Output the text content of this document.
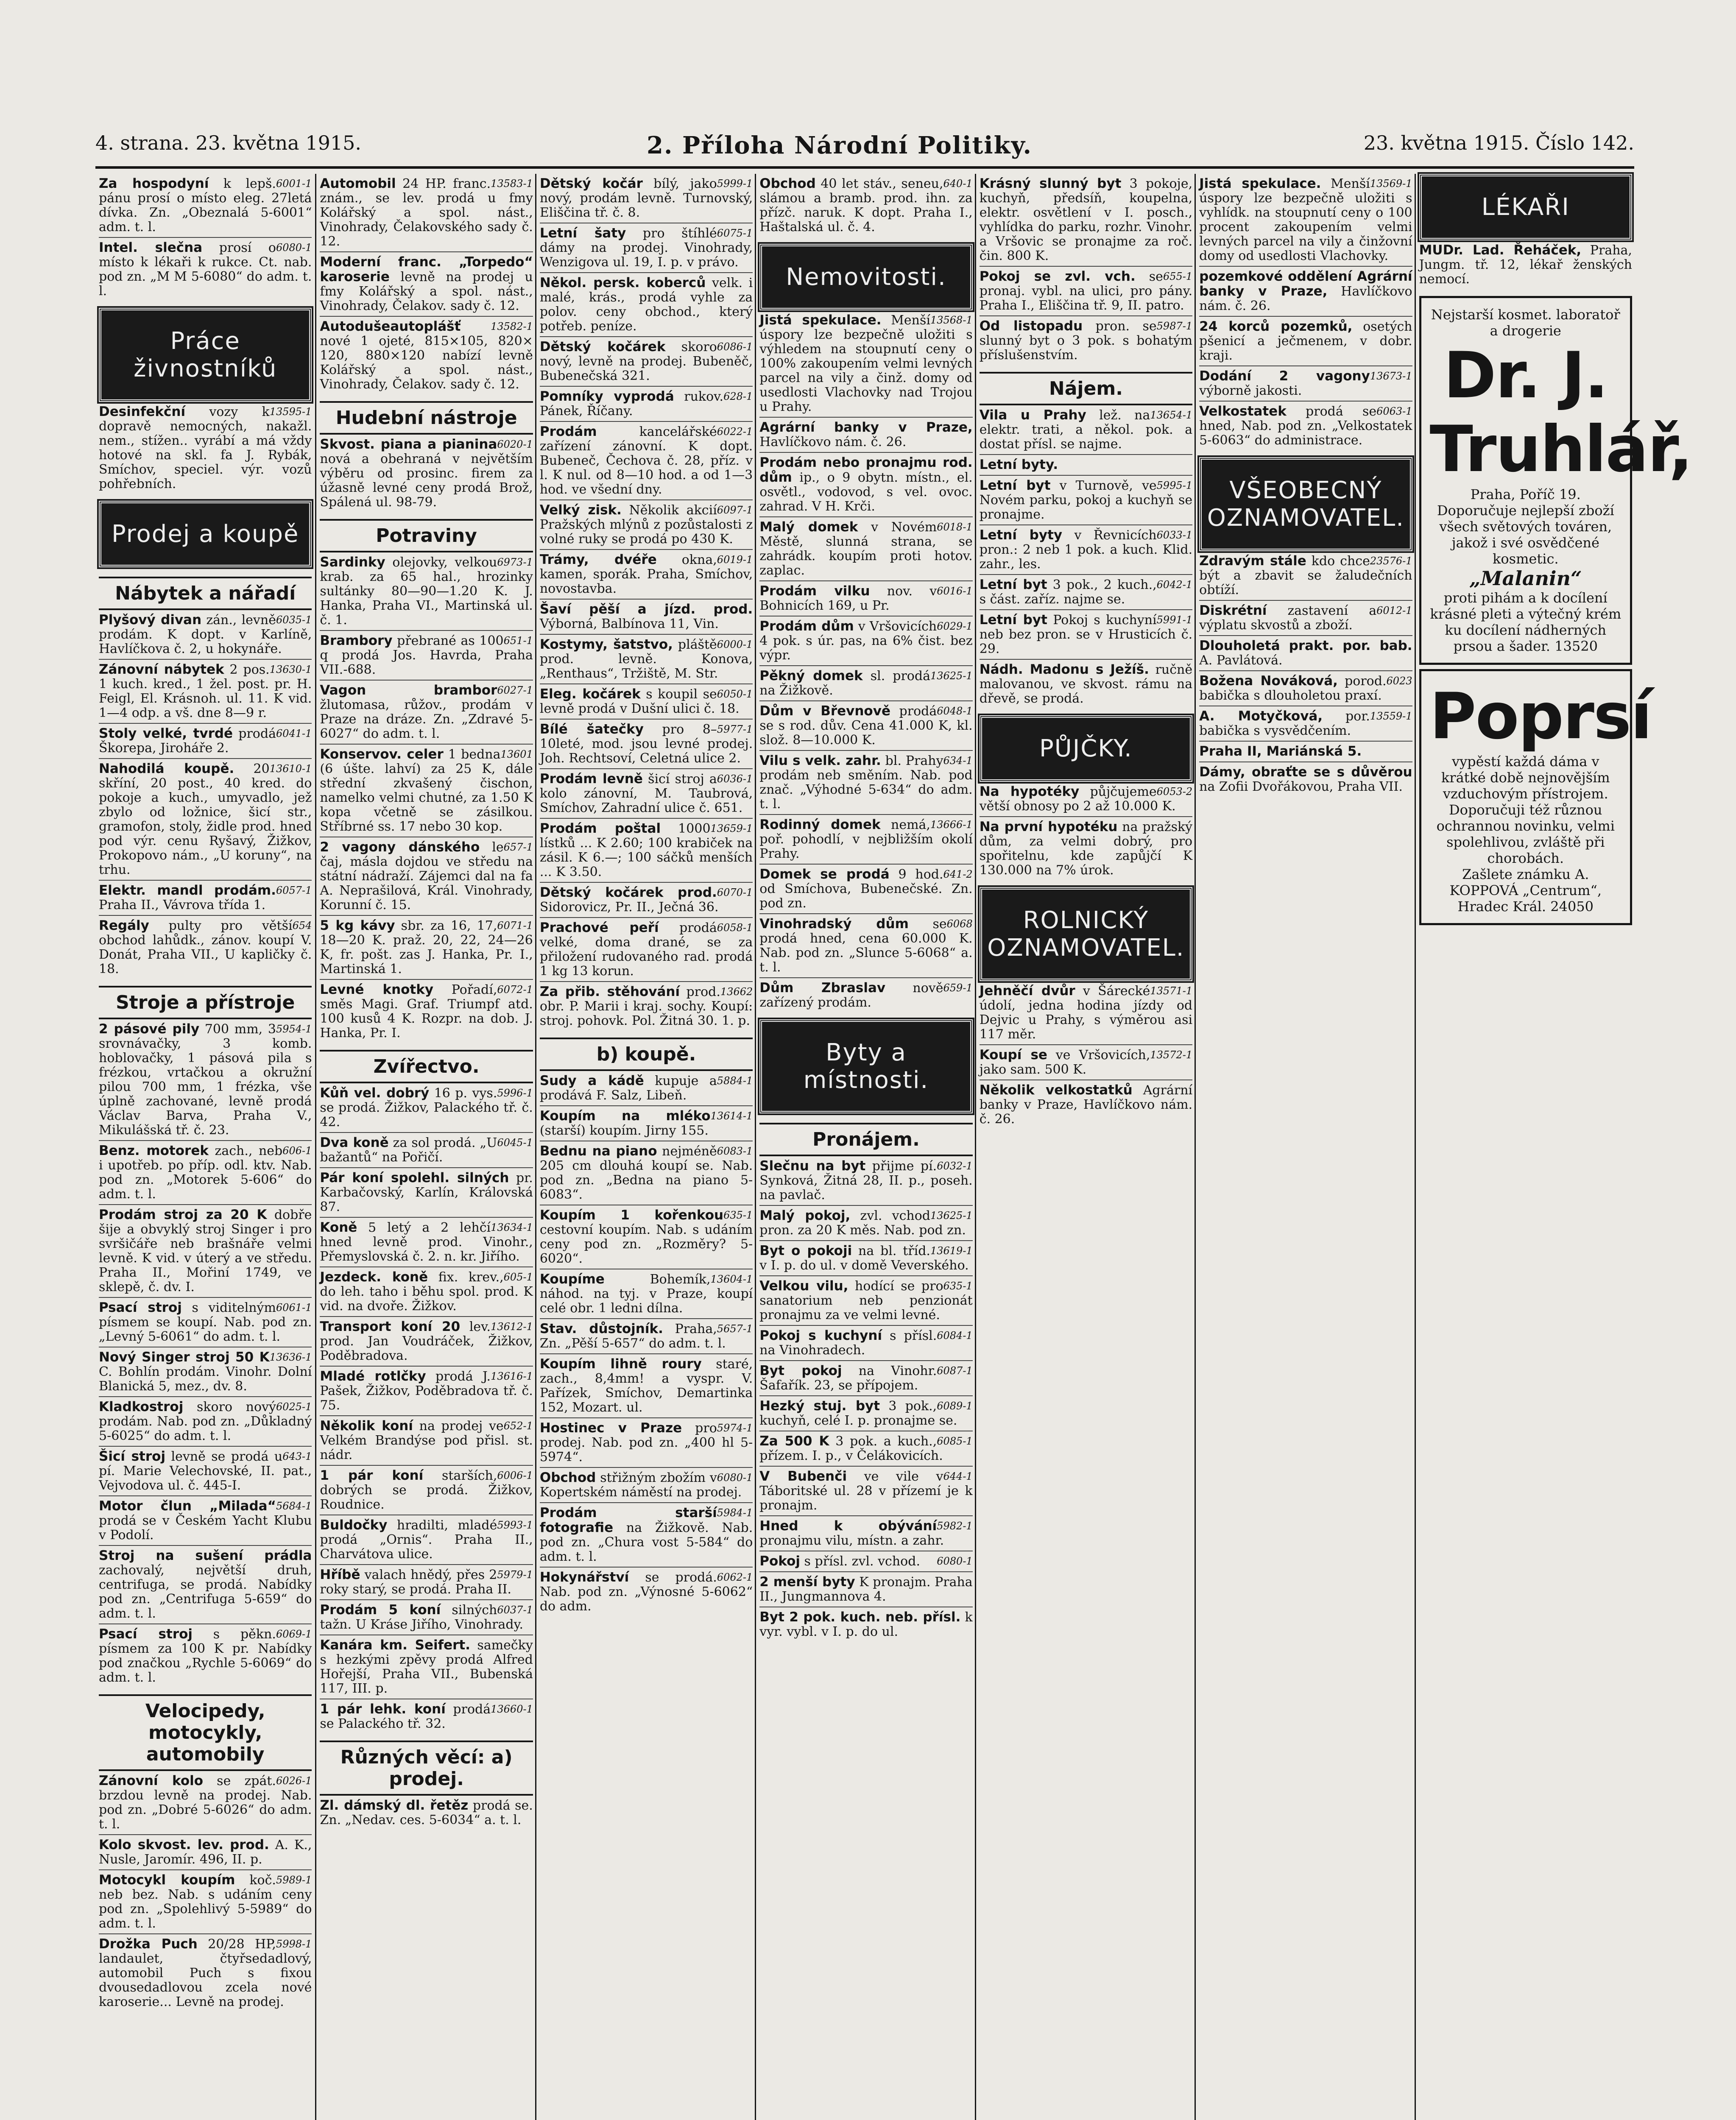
4. strana. 23. května 1915.	2. Příloha Národní Politiky.	23. května 1915. Číslo 142.
6001-1
Za hospodyní k lepš. pánu prosí o místo eleg. 27letá dívka. Zn. „Obeznalá 5-6001“ adm. t. l.
6080-1
Intel. slečna prosí o místo k lékaři k rukce. Ct. nab. pod zn. „M M 5-6080“ do adm. t. l.
Práce živnostníků
13595-1
Desinfekční vozy k dopravě nemocných, nakažl. nem., stížen.. vyrábí a má vždy hotové na skl. fa J. Rybák, Smíchov, speciel. výr. vozů pohřebních.
Prodej a koupě
Nábytek a nářadí
6035-1
Plyšový divan zán., levně prodám. K dopt. v Karlíně, Havlíčkova č. 2, u hokynáře.
13630-1
Zánovní nábytek 2 pos. 1 kuch. kred., 1 žel. post. pr. H. Feigl, El. Krásnoh. ul. 11. K vid. 1—4 odp. a vš. dne 8—9 r.
6041-1
Stoly velké, tvrdé prodá Škorepa, Jiroháře 2.
13610-1
Nahodilá koupě. 20 skříní, 20 post., 40 kred. do pokoje a kuch., umyvadlo, jež zbylo od ložnice, šicí str., gramofon, stoly, židle prod. hned pod výr. cenu Ryšavý, Žižkov, Prokopovo nám., „U koruny“, na trhu.
6057-1
Elektr. mandl prodám. Praha II., Vávrova třída 1.
654
Regály pulty pro větší obchod lahůdk., zánov. koupí V. Donát, Praha VII., U kapličky č. 18.
Stroje a přístroje
5954-1
2 pásové pily 700 mm, 3 srovnávačky, 3 komb. hoblovačky, 1 pásová pila s frézkou, vrtačkou a okružní pilou 700 mm, 1 frézka, vše úplně zachované, levně prodá Václav Barva, Praha V., Mikulášská tř. č. 23.
606-1
Benz. motorek zach., neb i upotřeb. po příp. odl. ktv. Nab. pod zn. „Motorek 5-606“ do adm. t. l.
Prodám stroj za 20 K dobře šije a obvyklý stroj Singer i pro svršičáře neb brašnáře velmi levně. K vid. v úterý a ve středu. Praha II., Mořiní 1749, ve sklepě, č. dv. I.
6061-1
Psací stroj s viditelným písmem se koupí. Nab. pod zn. „Levný 5-6061“ do adm. t. l.
13636-1
Nový Singer stroj 50 K C. Bohlín prodám. Vinohr. Dolní Blanická 5, mez., dv. 8.
6025-1
Kladkostroj skoro nový prodám. Nab. pod zn. „Důkladný 5-6025“ do adm. t. l.
643-1
Šicí stroj levně se prodá u pí. Marie Velechovské, II. pat., Vejvodova ul. č. 445-I.
5684-1
Motor člun „Milada“ prodá se v Českém Yacht Klubu v Podolí.
Stroj na sušení prádla zachovalý, největší druh, centrifuga, se prodá. Nabídky pod zn. „Centrifuga 5-659“ do adm. t. l.
6069-1
Psací stroj s pěkn. písmem za 100 K pr. Nabídky pod značkou „Rychle 5-6069“ do adm. t. l.
Velocipedy, motocykly, automobily
6026-1
Zánovní kolo se zpát. brzdou levně na prodej. Nab. pod zn. „Dobré 5-6026“ do adm. t. l.
Kolo skvost. lev. prod. A. K., Nusle, Jaromír. 496, II. p.
5989-1
Motocykl koupím koč. neb bez. Nab. s udáním ceny pod zn. „Spolehlivý 5-5989“ do adm. t. l.
5998-1
Drožka Puch 20/28 HP, landaulet, čtyřsedadlový, automobil Puch s fixou dvousedadlovou zcela nové karoserie... Levně na prodej.
13583-1
Automobil 24 HP. franc. znám., se lev. prodá u fmy Kolářský a spol. nást., Vinohrady, Čelakovského sady č. 12.
Moderní franc. „Torpedo“ karoserie levně na prodej u fmy Kolářský a spol. nást., Vinohrady, Čelakov. sady č. 12.
13582-1
Autodušeautoplášť nové 1 ojeté, 815×105, 820× 120, 880×120 nabízí levně Kolářský a spol. nást., Vinohrady, Čelakov. sady č. 12.
Hudební nástroje
6020-1
Skvost. piana a pianina nová a obehraná v největším výběru od prosinc. firem za úžasně levné ceny prodá Brož, Spálená ul. 98-79.
Potraviny
6973-1
Sardinky olejovky, velkou krab. za 65 hal., hrozinky sultánky 80—90—1.20 K. J. Hanka, Praha VI., Martinská ul. č. 1.
651-1
Brambory přebrané as 100 q prodá Jos. Havrda, Praha VII.-688.
6027-1
Vagon brambor žlutomasa, růžov., prodám v Praze na dráze. Zn. „Zdravé 5-6027“ do adm. t. l.
13601
Konservov. celer 1 bedna (6 úšte. lahví) za 25 K, dále střední zkvašený čischon, namelko velmi chutné, za 1.50 K kopa včetně se zásilkou. Stříbrné ss. 17 nebo 30 kop.
657-1
2 vagony dánského le čaj, másla dojdou ve středu na státní nádraží. Zájemci dal na fa A. Neprašilová, Král. Vinohrady, Korunní č. 15.
6071-1
5 kg kávy sbr. za 16, 17, 18—20 K. praž. 20, 22, 24—26 K, fr. pošt. zas J. Hanka, Pr. I., Martinská 1.
6072-1
Levné knotky Pořadí, směs Magi. Graf. Triumpf atd. 100 kusů 4 K. Rozpr. na dob. J. Hanka, Pr. I.
Zvířectvo.
5996-1
Kůň vel. dobrý 16 p. vys. se prodá. Žižkov, Palackého tř. č. 42.
6045-1
Dva koně za sol prodá. „U bažantů“ na Pořičí.
Pár koní spolehl. silných pr. Karbačovský, Karlín, Královská 87.
13634-1
Koně 5 letý a 2 lehčí hned levně prod. Vinohr., Přemyslovská č. 2. n. kr. Jiřího.
605-1
Jezdeck. koně fix. krev., do leh. taho i běhu spol. prod. K vid. na dvoře. Žižkov.
13612-1
Transport koní 20 lev. prod. Jan Voudráček, Žižkov, Poděbradova.
13616-1
Mladé rotlčky prodá J. Pašek, Žižkov, Poděbradova tř. č. 75.
652-1
Několik koní na prodej ve Velkém Brandýse pod přisl. st. nádr.
6006-1
1 pár koní starších, dobrých se prodá. Žižkov, Roudnice.
5993-1
Buldočky hradilti, mladé prodá „Ornis“. Praha II., Charvátova ulice.
5979-1
Hříbě valach hnědý, přes 2 roky starý, se prodá. Praha II.
6037-1
Prodám 5 koní silných tažn. U Kráse Jiřího, Vinohrady.
Kanára km. Seifert. samečky s hezkými zpěvy prodá Alfred Hořejší, Praha VII., Bubenská 117, III. p.
13660-1
1 pár lehk. koní prodá se Palackého tř. 32.
Různých věcí: a) prodej.
Zl. dámský dl. řetěz prodá se. Zn. „Nedav. ces. 5-6034“ a. t. l.
5999-1
Dětský kočár bílý, jako nový, prodám levně. Turnovský, Eliščina tř. č. 8.
6075-1
Letní šaty pro štíhlé dámy na prodej. Vinohrady, Wenzigova ul. 19, I. p. v právo.
Někol. persk. koberců velk. i malé, krás., prodá vyhle za polov. ceny obchod., který potřeb. peníze.
6086-1
Dětský kočárek skoro nový, levně na prodej. Bubeněč, Bubenečská 321.
628-1
Pomníky vyprodá rukov. Pánek, Říčany.
6022-1
Prodám kancelářské zařízení zánovní. K dopt. Bubeneč, Čechova č. 28, příz. v l. K nul. od 8—10 hod. a od 1—3 hod. ve všední dny.
6097-1
Velký zisk. Několik akcií Pražských mlýnů z pozůstalosti z volné ruky se prodá po 430 K.
6019-1
Trámy, dvéře okna, kamen, sporák. Praha, Smíchov, novostavba.
Šaví pěší a jízd. prod. Výborná, Balbínova 11, Vin.
6000-1
Kostymy, šatstvo, pláště prod. levně. Konova, „Renthaus“, Tržiště, M. Str.
6050-1
Eleg. kočárek s koupil se levně prodá v Dušní ulici č. 18.
5977-1
Bílé šatečky pro 8–10leté, mod. jsou levné prodej. Joh. Rechtsoví, Celetná ulice 2.
6036-1
Prodám levně šicí stroj a kolo zánovní, M. Taubrová, Smíchov, Zahradní ulice č. 651.
13659-1
Prodám poštal 1000 lístků ... K 2.60; 100 krabiček na zásil. K 6.—; 100 sáčků menších ... K 3.50.
6070-1
Dětský kočárek prod. Sidorovicz, Pr. II., Ječná 36.
6058-1
Prachové peří prodá velké, doma drané, se za přiložení rudovaného rad. prodá 1 kg 13 korun.
13662
Za přib. stěhování prod. obr. P. Marii i kraj. sochy. Koupí: stroj. pohovk. Pol. Žitná 30. 1. p.
b) koupě.
5884-1
Sudy a kádě kupuje a prodává F. Salz, Libeň.
13614-1
Koupím na mléko (starší) koupím. Jirny 155.
6083-1
Bednu na piano nejméně 205 cm dlouhá koupí se. Nab. pod zn. „Bedna na piano 5-6083“.
635-1
Koupím 1 kořenkou cestovní koupím. Nab. s udáním ceny pod zn. „Rozměry? 5-6020“.
13604-1
Koupíme Bohemík, náhod. na tyj. v Praze, koupí celé obr. 1 ledni dílna.
5657-1
Stav. důstojník. Praha, Zn. „Pěší 5-657“ do adm. t. l.
Koupím lihně roury staré, zach., 8,4mm! a vyspr. V. Pařízek, Smíchov, Demartinka 152, Mozart. ul.
5974-1
Hostinec v Praze pro prodej. Nab. pod zn. „400 hl 5-5974“.
6080-1
Obchod střižným zbožím v Kopertském náměstí na prodej.
5984-1
Prodám starší fotografie na Žižkově. Nab. pod zn. „Chura vost 5-584“ do adm. t. l.
6062-1
Hokynářství se prodá. Nab. pod zn. „Výnosné 5-6062“ do adm.
640-1
Obchod 40 let stáv., seneu, slámou a bramb. prod. ihn. za přízč. naruk. K dopt. Praha I., Haštalská ul. č. 4.
Nemovitosti.
13568-1
Jistá spekulace. Menší úspory lze bezpečně uložiti s výhledem na stoupnutí ceny o 100% zakoupením velmi levných parcel na vily a činž. domy od usedlosti Vlachovky nad Trojou u Prahy.
Agrární banky v Praze, Havlíčkovo nám. č. 26.
Prodám nebo pronajmu rod. dům ip., o 9 obytn. místn., el. osvětl., vodovod, s vel. ovoc. zahrad. V H. Krči.
6018-1
Malý domek v Novém Městě, slunná strana, se zahrádk. koupím proti hotov. zaplac.
6016-1
Prodám vilku nov. v Bohnicích 169, u Pr.
6029-1
Prodám dům v Vršovicích 4 pok. s úr. pas, na 6% čist. bez výpr.
13625-1
Pěkný domek sl. prodá na Žižkově.
6048-1
Dům v Břevnově prodá se s rod. dův. Cena 41.000 K, kl. slož. 8—10.000 K.
634-1
Vilu s velk. zahr. bl. Prahy prodám neb směním. Nab. pod znač. „Výhodné 5-634“ do adm. t. l.
13666-1
Rodinný domek nemá, poř. pohodlí, v nejbližším okolí Prahy.
641-2
Domek se prodá 9 hod. od Smíchova, Bubenečské. Zn. pod zn.
6068
Vinohradský dům se prodá hned, cena 60.000 K. Nab. pod zn. „Slunce 5-6068“ a. t. l.
659-1
Dům Zbraslav nově zařízený prodám.
Byty a místnosti.
Pronájem.
6032-1
Slečnu na byt přijme pí. Synková, Žitná 28, II. p., poseh. na pavlač.
13625-1
Malý pokoj, zvl. vchod pron. za 20 K měs. Nab. pod zn.
13619-1
Byt o pokoji na bl. tříd. v I. p. do ul. v domě Veverského.
635-1
Velkou vilu, hodící se pro sanatorium neb penzionát pronajmu za ve velmi levné.
6084-1
Pokoj s kuchyní s přísl. na Vinohradech.
6087-1
Byt pokoj na Vinohr. Šafařík. 23, se přípojem.
6089-1
Hezký stuj. byt 3 pok., kuchyň, celé I. p. pronajme se.
6085-1
Za 500 K 3 pok. a kuch., přízem. I. p., v Čelákovicích.
644-1
V Bubenči ve vile v Táboritské ul. 28 v přízemí je k pronajm.
5982-1
Hned k obývání pronajmu vilu, místn. a zahr.
6080-1
Pokoj s přísl. zvl. vchod.
2 menší byty K pronajm. Praha II., Jungmannova 4.
Byt 2 pok. kuch. neb. přísl. k vyr. vybl. v I. p. do ul.
Krásný slunný byt 3 pokoje, kuchyň, předsíň, koupelna, elektr. osvětlení v I. posch., vyhlídka do parku, rozhr. Vinohr. a Vršovic se pronajme za roč. čin. 800 K.
655-1
Pokoj se zvl. vch. se pronaj. vybl. na ulici, pro pány. Praha I., Eliščina tř. 9, II. patro.
5987-1
Od listopadu pron. se slunný byt o 3 pok. s bohatým příslušenstvím.
Nájem.
13654-1
Vila u Prahy lež. na elektr. trati, a někol. pok. a dostat přísl. se najme.
Letní byty.
5995-1
Letní byt v Turnově, ve Novém parku, pokoj a kuchyň se pronajme.
6033-1
Letní byty v Řevnicích pron.: 2 neb 1 pok. a kuch. Klid. zahr., les.
6042-1
Letní byt 3 pok., 2 kuch., s část. zaříz. najme se.
5991-1
Letní byt Pokoj s kuchyní neb bez pron. se v Hrusticích č. 29.
Nádh. Madonu s Ježíš. ručně malovanou, ve skvost. rámu na dřevě, se prodá.
PŮJČKY.
6053-2
Na hypotéky půjčujeme větší obnosy po 2 až 10.000 K.
Na první hypotéku na pražský dům, za velmi dobrý, pro spořitelnu, kde zapůjčí K 130.000 na 7% úrok.
ROLNICKÝ OZNAMOVATEL.
13571-1
Jehněčí dvůr v Šárecké údolí, jedna hodina jízdy od Dejvic u Prahy, s výměrou asi 117 měr.
13572-1
Koupí se ve Vršovicích, jako sam. 500 K.
Několik velkostatků Agrární banky v Praze, Havlíčkovo nám. č. 26.
13569-1
Jistá spekulace. Menší úspory lze bezpečně uložiti s vyhlídk. na stoupnutí ceny o 100 procent zakoupením velmi levných parcel na vily a činžovní domy od usedlosti Vlachovky.
pozemkové oddělení Agrární banky v Praze, Havlíčkovo nám. č. 26.
24 korců pozemků, osetých pšenicí a ječmenem, v dobr. kraji.
13673-1
Dodání 2 vagony výborně jakosti.
6063-1
Velkostatek prodá se hned, Nab. pod zn. „Velkostatek 5-6063“ do administrace.
VŠEOBECNÝ OZNAMOVATEL.
23576-1
Zdravým stále kdo chce být a zbavit se žaludečních obtíží.
6012-1
Diskrétní zastavení a výplatu skvostů a zboží.
Dlouholetá prakt. por. bab. A. Pavlátová.
6023
Božena Nováková, porod. babička s dlouholetou praxí.
13559-1
A. Motyčková, por. babička s vysvědčením.
Praha II, Mariánská 5.
Dámy, obraťte se s důvěrou na Zofii Dvořákovou, Praha VII.
LÉKAŘI
MUDr. Lad. Řeháček, Praha, Jungm. tř. 12, lékař ženských nemocí.
Nejstarší kosmet. laboratoř a drogerie
Dr. J. Truhlář,
Praha, Poříč 19. Doporučuje nejlepší zboží všech světových továren, jakož i své osvědčené kosmetic.
„Malanin“
proti pihám a k docílení krásné pleti a výtečný krém ku docílení nádherných prsou a šader. 13520
Poprsí
vypěstí každá dáma v krátké době nejnovějším vzduchovým přístrojem. Doporučuji též různou ochrannou novinku, velmi spolehlivou, zvláště při chorobách.
Zašlete známku A. KOPPOVÁ „Centrum“, Hradec Král. 24050
